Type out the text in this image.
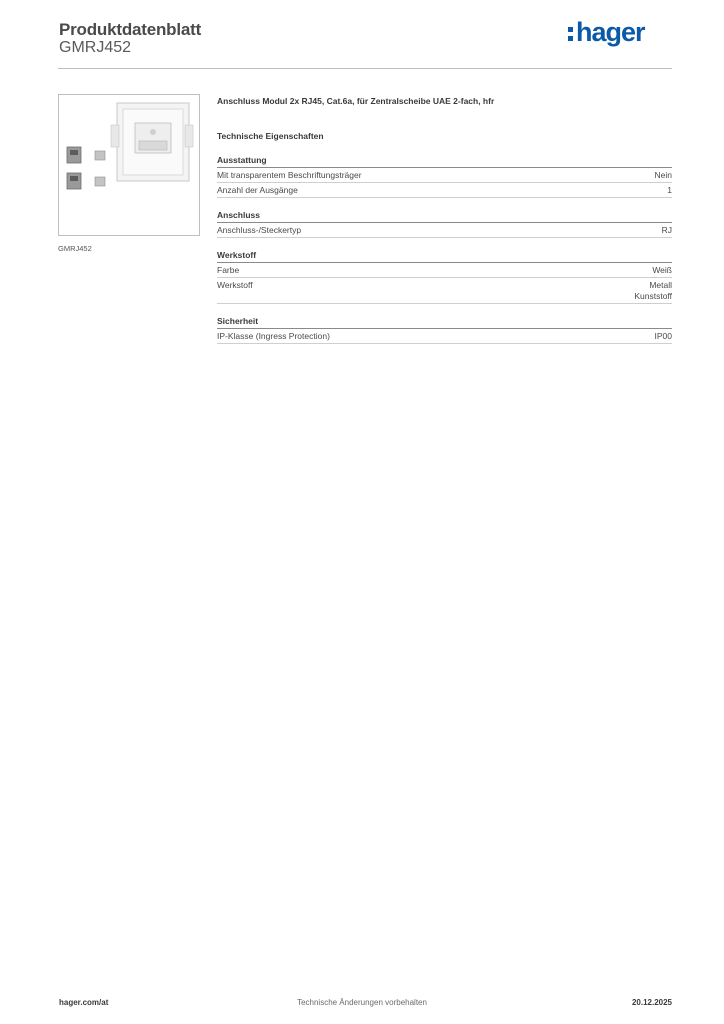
Produktdatenblatt
GMRJ452
hager
GMRJ452
Anschluss Modul 2x RJ45, Cat.6a, für Zentralscheibe UAE 2-fach, hfr
Technische Eigenschaften
Ausstattung
Mit transparentem Beschriftungsträger	Nein
Anzahl der Ausgänge	1
Anschluss
Anschluss-/Steckertyp	RJ
Werkstoff
Farbe	Weiß
Werkstoff	Metall
Kunststoff
Sicherheit
IP-Klasse (Ingress Protection)	IP00
hager.com/at	Technische Änderungen vorbehalten	20.12.2025
